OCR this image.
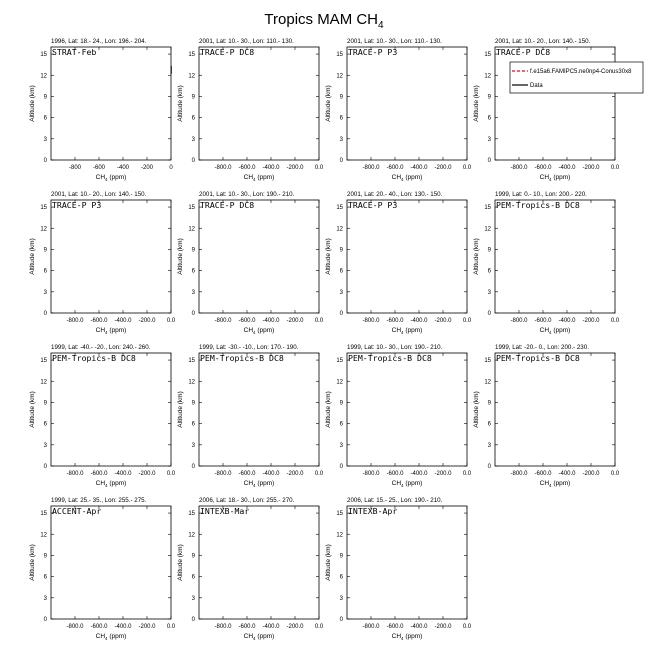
Tropics MAM $CH_4$
1996, Lat: 18.- 24., Lon: 196.- 204.
0
3
6
9
12
15
-800 -600 -400 -200	0
Altitude (km)
$CH_4$ (ppm)
STRAT-Feb
2001, Lat: 10.- 30., Lon: 110.- 130.
0
3
6
9
12
15
-800.0 -600.0 -400.0 -200.0 0.0
Altitude (km)
$CH_4$ (ppm)
TRACE-P DC8
2001, Lat: 10.- 30., Lon: 110.- 130.
0
3
6
9
12
15
-800.0 -600.0 -400.0 -200.0 0.0
Altitude (km)
$CH_4$ (ppm)
TRACE-P P3
2001, Lat: 10.- 20., Lon: 140.- 150.
0
3
6
9
12
15
-800.0 -600.0 -400.0 -200.0 0.0
Altitude (km)
$CH_4$ (ppm)
TRACE-P DC8
2001, Lat: 10.- 20., Lon: 140.- 150.
0
3
6
9
12
15
-800.0 -600.0 -400.0 -200.0 0.0
Altitude (km)
$CH_4$ (ppm)
TRACE-P P3
2001, Lat: 10.- 30., Lon: 190.- 210.
0
3
6
9
12
15
-800.0 -600.0 -400.0 -200.0 0.0
Altitude (km)
$CH_4$ (ppm)
TRACE-P DC8
2001, Lat: 20.- 40., Lon: 130.- 150.
0
3
6
9
12
15
-800.0 -600.0 -400.0 -200.0 0.0
Altitude (km)
$CH_4$ (ppm)
TRACE-P P3
1999, Lat: 0.- 10., Lon: 200.- 220.
0
3
6
9
12
15
-800.0 -600.0 -400.0 -200.0 0.0
Altitude (km)
$CH_4$ (ppm)
PEM-Tropics-B DC8
1999, Lat: -40.- -20., Lon: 240.- 260.
0
3
6
9
12
15
-800.0 -600.0 -400.0 -200.0 0.0
Altitude (km)
$CH_4$ (ppm)
PEM-Tropics-B DC8
1999, Lat: -30.- -10., Lon: 170.- 190.
0
3
6
9
12
15
-800.0 -600.0 -400.0 -200.0 0.0
Altitude (km)
$CH_4$ (ppm)
PEM-Tropics-B DC8
1999, Lat: 10.- 30., Lon: 190.- 210.
0
3
6
9
12
15
-800.0 -600.0 -400.0 -200.0 0.0
Altitude (km)
$CH_4$ (ppm)
PEM-Tropics-B DC8
1999, Lat: -20.- 0., Lon: 200.- 230.
0
3
6
9
12
15
-800.0 -600.0 -400.0 -200.0 0.0
Altitude (km)
$CH_4$ (ppm)
PEM-Tropics-B DC8
1999, Lat: 25.- 35., Lon: 255.- 275.
0
3
6
9
12
15
-800.0 -600.0 -400.0 -200.0 0.0
Altitude (km)
$CH_4$ (ppm)
ACCENT-Apr
2006, Lat: 18.- 30., Lon: 255.- 270.
0
3
6
9
12
15
-800.0 -600.0 -400.0 -200.0 0.0
Altitude (km)
$CH_4$ (ppm)
INTEXB-Mar
2006, Lat: 15.- 25., Lon: 190.- 210.
0
3
6
9
12
15
-800.0 -600.0 -400.0 -200.0 0.0
Altitude (km)
$CH_4$ (ppm)
INTEXB-Apr
f.e15a6.FAMIPC5.ne0np4-Conus30x8
Data
